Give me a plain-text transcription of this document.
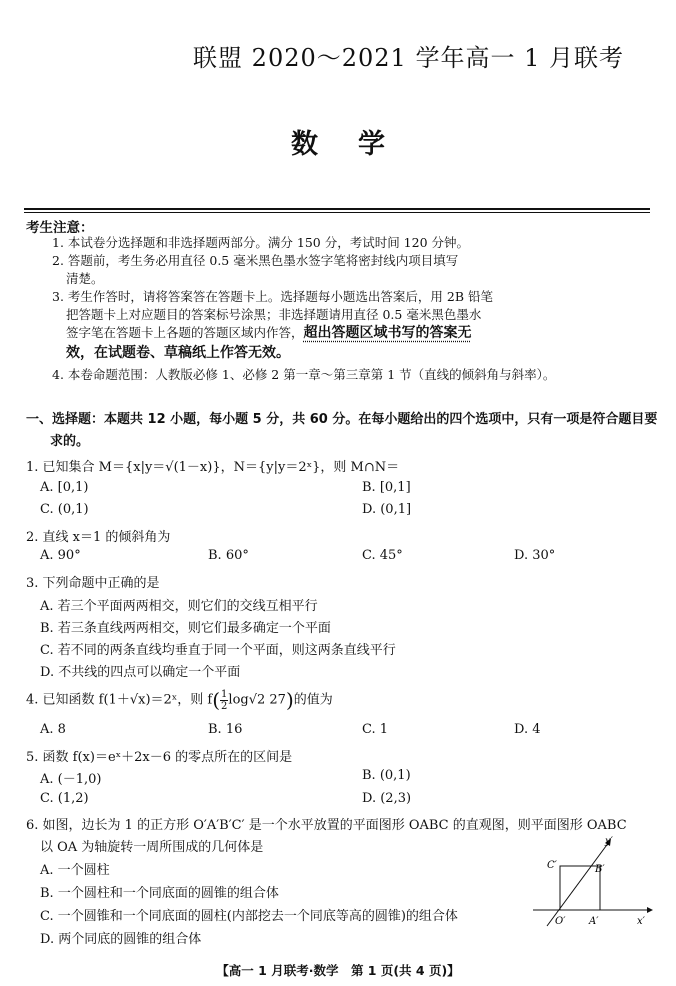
联盟 2020～2021 学年高一 1 月联考
数 学
考生注意：
1. 本试卷分选择题和非选择题两部分。满分 150 分，考试时间 120 分钟。
2. 答题前，考生务必用直径 0.5 毫米黑色墨水签字笔将密封线内项目填写
清楚。
3. 考生作答时，请将答案答在答题卡上。选择题每小题选出答案后，用 2B 铅笔
把答题卡上对应题目的答案标号涂黑；非选择题请用直径 0.5 毫米黑色墨水
签字笔在答题卡上各题的答题区域内作答，超出答题区域书写的答案无
效，在试题卷、草稿纸上作答无效。
4. 本卷命题范围：人教版必修 1、必修 2 第一章～第三章第 1 节（直线的倾斜角与斜率）。
一、选择题：本题共 12 小题，每小题 5 分，共 60 分。在每小题给出的四个选项中，只有一项是符合题目要
求的。
1. 已知集合 M＝{x|y＝√(1－x)}，N＝{y|y＝2ˣ}，则 M∩N＝
A. [0,1)	B. [0,1]
C. (0,1)	D. (0,1]
2. 直线 x＝1 的倾斜角为
A. 90°	B. 60°	C. 45°	D. 30°
3. 下列命题中正确的是
A. 若三个平面两两相交，则它们的交线互相平行
B. 若三条直线两两相交，则它们最多确定一个平面
C. 若不同的两条直线均垂直于同一个平面，则这两条直线平行
D. 不共线的四点可以确定一个平面
4. 已知函数 f(1＋√x)＝2ˣ，则 $f( \frac{1}{2}\log√2$ 27)的值为
A. 8	B. 16	C. 1	D. 4
5. 函数 f(x)＝eˣ＋2x－6 的零点所在的区间是
A. (－1,0)	B. (0,1)
C. (1,2)	D. (2,3)
6. 如图，边长为 1 的正方形 O′A′B′C′ 是一个水平放置的平面图形 OABC 的直观图，则平面图形 OABC
以 OA 为轴旋转一周所围成的几何体是
A. 一个圆柱
B. 一个圆柱和一个同底面的圆锥的组合体
C. 一个圆锥和一个同底面的圆柱(内部挖去一个同底等高的圆锥)的组合体
D. 两个同底的圆锥的组合体
y′
x′
O′ A′
B′
C′
【高一 1 月联考·数学　第 1 页(共 4 页)】
